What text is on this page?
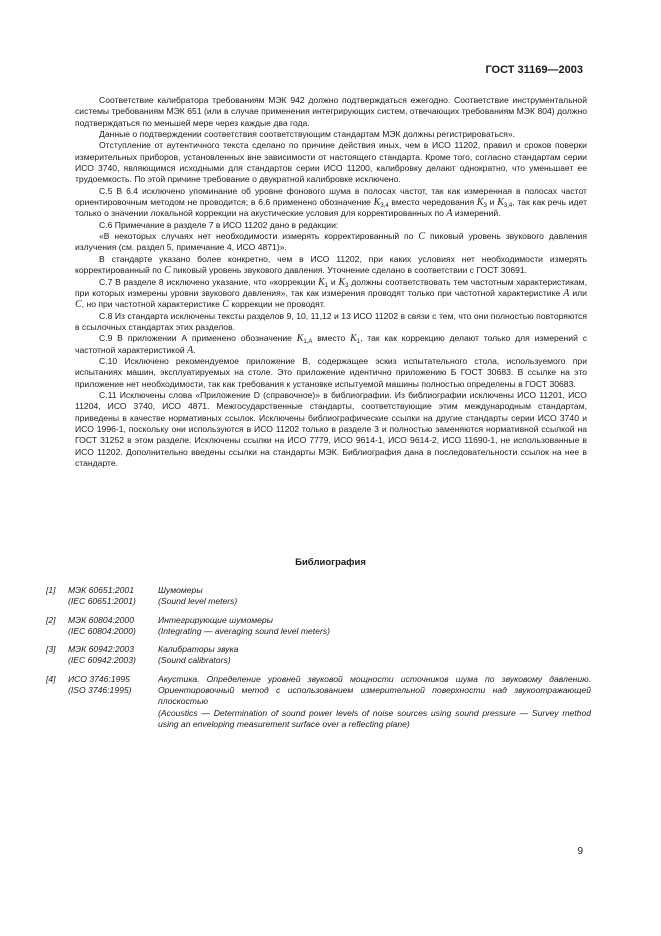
ГОСТ 31169—2003

Соответствие калибратора требованиям МЭК 942 должно подтверждаться ежегодно. Соответствие инструментальной системы требованиям МЭК 651 (или в случае применения интегрирующих систем, отвечающих требованиям МЭК 804) должно подтверждаться по меньшей мере через каждые два года.

Данные о подтверждении соответствия соответствующим стандартам МЭК должны регистрироваться».

Отступление от аутентичного текста сделано по причине действия иных, чем в ИСО 11202, правил и сроков поверки измерительных приборов, установленных вне зависимости от настоящего стандарта. Кроме того, согласно стандартам серии ИСО 3740, являющимся исходными для стандартов серии ИСО 11200, калибровку делают однократно, что уменьшает ее трудоемкость. По этой причине требование о двукратной калибровке исключено.

С.5 В 6.4 исключено упоминание об уровне фонового шума в полосах частот, так как измеренная в полосах частот ориентировочным методом не проводится; в 6.6 применено обозначение $K_{3,4}$ вместо чередования $K_3$ и $K_{3,4}$, так как речь идет только о значении локальной коррекции на акустические условия для корректированных по A измерений.

С.6 Примечание в разделе 7 в ИСО 11202 дано в редакции:

«В некоторых случаях нет необходимости измерять корректированный по C пиковый уровень звукового давления излучения (см. раздел 5, примечание 4, ИСО 4871)».

В стандарте указано более конкретно, чем в ИСО 11202, при каких условиях нет необходимости измерять корректированный по C пиковый уровень звукового давления. Уточнение сделано в соответствии с ГОСТ 30691.

С.7 В разделе 8 исключено указание, что «коррекции $K_1$ и $K_3$ должны соответствовать тем частотным характеристикам, при которых измерены уровни звукового давления», так как измерения проводят только при частотной характеристике A или C, но при частотной характеристике C коррекции не проводят.

С.8 Из стандарта исключены тексты разделов 9, 10, 11,12 и 13 ИСО 11202 в связи с тем, что они полностью повторяются в ссылочных стандартах этих разделов.

С.9 В приложении А применено обозначение $K_{1,A}$ вместо $K_1$, так как коррекцию делают только для измерений с частотной характеристикой A.

С.10 Исключено рекомендуемое приложение В, содержащее эскиз испытательного стола, используемого при испытаниях машин, эксплуатируемых на столе. Это приложение идентично приложению Б ГОСТ 30683. В ссылке на это приложение нет необходимости, так как требования к установке испытуемой машины полностью определены в ГОСТ 30683.

С.11 Исключены слова «Приложение D (справочное)» в библиографии. Из библиографии исключены ИСО 11201, ИСО 11204, ИСО 3740, ИСО 4871. Межгосударственные стандарты, соответствующие этим международным стандартам, приведены в качестве нормативных ссылок. Исключены библиографические ссылки на другие стандарты серии ИСО 3740 и ИСО 1996-1, поскольку они используются в ИСО 11202 только в разделе 3 и полностью заменяются нормативной ссылкой на ГОСТ 31252 в этом разделе. Исключены ссылки на ИСО 7779, ИСО 9614-1, ИСО 9614-2, ИСО 11690-1, не использованные в ИСО 11202. Дополнительно введены ссылки на стандарты МЭК. Библиография дана в последовательности ссылок на нее в стандарте.

Библиография
[1]	МЭК 60651:2001
(IEC 60651:2001)
Шумомеры
(Sound level meters)
[2]	МЭК 60804:2000
(IEC 60804:2000)
Интегрирующие шумомеры
(Integrating — averaging sound level meters)
[3]	МЭК 60942:2003
(IEC 60942:2003)
Калибраторы звука
(Sound calibrators)
[4]	ИСО 3746:1995
(ISO 3746:1995)
Акустика. Определение уровней звуковой мощности источников шума по звуковому давлению. Ориентировочный метод с использованием измерительной поверхности над звукоотражающей плоскостью
(Acoustics — Determination of sound power levels of noise sources using sound pressure — Survey method using an enveloping measurement surface over a reflecting plane)
9
